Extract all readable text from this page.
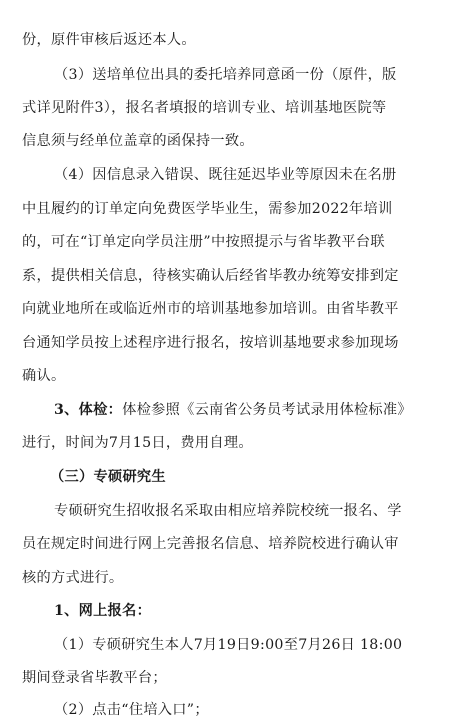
份，原件审核后返还本人。
（3）送培单位出具的委托培养同意函一份（原件，版
式详见附件3），报名者填报的培训专业、培训基地医院等
信息须与经单位盖章的函保持一致。
（4）因信息录入错误、既往延迟毕业等原因未在名册
中且履约的订单定向免费医学毕业生，需参加2022年培训
的，可在“订单定向学员注册”中按照提示与省毕教平台联
系，提供相关信息，待核实确认后经省毕教办统筹安排到定
向就业地所在或临近州市的培训基地参加培训。由省毕教平
台通知学员按上述程序进行报名，按培训基地要求参加现场
确认。
3、体检：体检参照《云南省公务员考试录用体检标准》
进行，时间为7月15日，费用自理。
（三）专硕研究生
专硕研究生招收报名采取由相应培养院校统一报名、学
员在规定时间进行网上完善报名信息、培养院校进行确认审
核的方式进行。
1、网上报名：
（1）专硕研究生本人7月19日9:00至7月26日 18:00
期间登录省毕教平台；
（2）点击“住培入口”；
